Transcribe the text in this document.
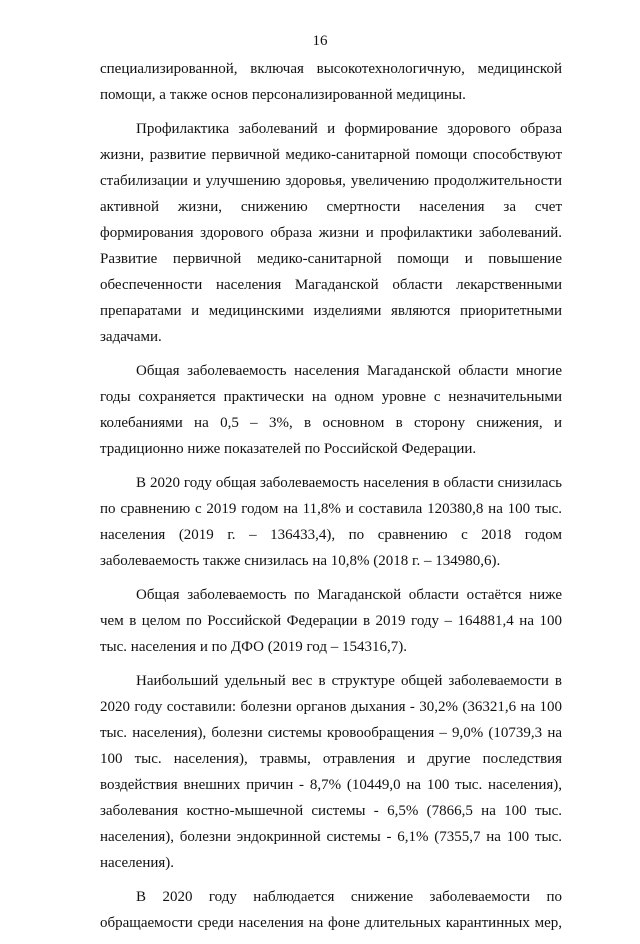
16

специализированной, включая высокотехнологичную, медицинской помощи, а также основ персонализированной медицины.

Профилактика заболеваний и формирование здорового образа жизни, развитие первичной медико-санитарной помощи способствуют стабилизации и улучшению здоровья, увеличению продолжительности активной жизни, снижению смертности населения за счет формирования здорового образа жизни и профилактики заболеваний. Развитие первичной медико-санитарной помощи и повышение обеспеченности населения Магаданской области лекарственными препаратами и медицинскими изделиями являются приоритетными задачами.

Общая заболеваемость населения Магаданской области многие годы сохраняется практически на одном уровне с незначительными колебаниями на 0,5 – 3%, в основном в сторону снижения, и традиционно ниже показателей по Российской Федерации.

В 2020 году общая заболеваемость населения в области снизилась по сравнению с 2019 годом на 11,8% и составила 120380,8 на 100 тыс. населения (2019 г. – 136433,4), по сравнению с 2018 годом заболеваемость также снизилась на 10,8% (2018 г. – 134980,6).

Общая заболеваемость по Магаданской области остаётся ниже чем в целом по Российской Федерации в 2019 году – 164881,4 на 100 тыс. населения и по ДФО (2019 год – 154316,7).

Наибольший удельный вес в структуре общей заболеваемости в 2020 году составили: болезни органов дыхания - 30,2% (36321,6 на 100 тыс. населения), болезни системы кровообращения – 9,0% (10739,3 на 100 тыс. населения), травмы, отравления и другие последствия воздействия внешних причин - 8,7% (10449,0 на 100 тыс. населения), заболевания костно-мышечной системы - 6,5% (7866,5 на 100 тыс. населения), болезни эндокринной системы - 6,1% (7355,7 на 100 тыс. населения).

В 2020 году наблюдается снижение заболеваемости по обращаемости среди населения на фоне длительных карантинных мер,
